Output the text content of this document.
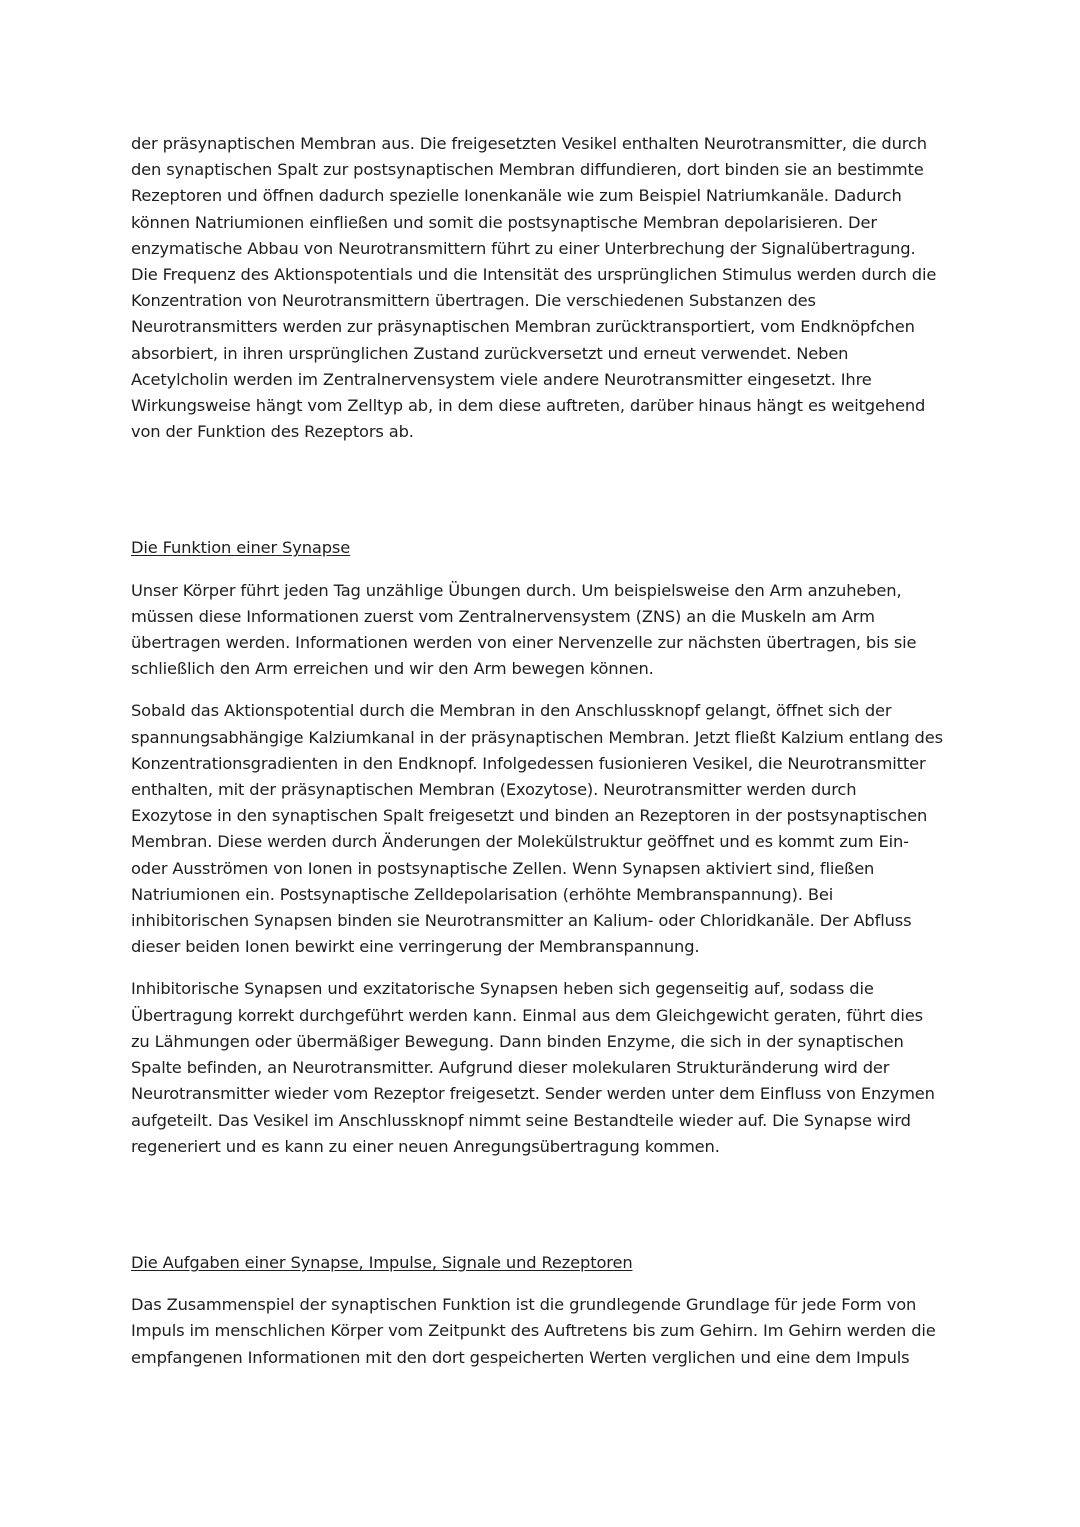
der präsynaptischen Membran aus. Die freigesetzten Vesikel enthalten Neurotransmitter, die durch
den synaptischen Spalt zur postsynaptischen Membran diffundieren, dort binden sie an bestimmte
Rezeptoren und öffnen dadurch spezielle Ionenkanäle wie zum Beispiel Natriumkanäle. Dadurch
können Natriumionen einfließen und somit die postsynaptische Membran depolarisieren. Der
enzymatische Abbau von Neurotransmittern führt zu einer Unterbrechung der Signalübertragung.
Die Frequenz des Aktionspotentials und die Intensität des ursprünglichen Stimulus werden durch die
Konzentration von Neurotransmittern übertragen. Die verschiedenen Substanzen des
Neurotransmitters werden zur präsynaptischen Membran zurücktransportiert, vom Endknöpfchen
absorbiert, in ihren ursprünglichen Zustand zurückversetzt und erneut verwendet. Neben
Acetylcholin werden im Zentralnervensystem viele andere Neurotransmitter eingesetzt. Ihre
Wirkungsweise hängt vom Zelltyp ab, in dem diese auftreten, darüber hinaus hängt es weitgehend
von der Funktion des Rezeptors ab.

Die Funktion einer Synapse

Unser Körper führt jeden Tag unzählige Übungen durch. Um beispielsweise den Arm anzuheben,
müssen diese Informationen zuerst vom Zentralnervensystem (ZNS) an die Muskeln am Arm
übertragen werden. Informationen werden von einer Nervenzelle zur nächsten übertragen, bis sie
schließlich den Arm erreichen und wir den Arm bewegen können.

Sobald das Aktionspotential durch die Membran in den Anschlussknopf gelangt, öffnet sich der
spannungsabhängige Kalziumkanal in der präsynaptischen Membran. Jetzt fließt Kalzium entlang des
Konzentrationsgradienten in den Endknopf. Infolgedessen fusionieren Vesikel, die Neurotransmitter
enthalten, mit der präsynaptischen Membran (Exozytose). Neurotransmitter werden durch
Exozytose in den synaptischen Spalt freigesetzt und binden an Rezeptoren in der postsynaptischen
Membran. Diese werden durch Änderungen der Molekülstruktur geöffnet und es kommt zum Ein-
oder Ausströmen von Ionen in postsynaptische Zellen. Wenn Synapsen aktiviert sind, fließen
Natriumionen ein. Postsynaptische Zelldepolarisation (erhöhte Membranspannung). Bei
inhibitorischen Synapsen binden sie Neurotransmitter an Kalium- oder Chloridkanäle. Der Abfluss
dieser beiden Ionen bewirkt eine verringerung der Membranspannung.

Inhibitorische Synapsen und exzitatorische Synapsen heben sich gegenseitig auf, sodass die
Übertragung korrekt durchgeführt werden kann. Einmal aus dem Gleichgewicht geraten, führt dies
zu Lähmungen oder übermäßiger Bewegung. Dann binden Enzyme, die sich in der synaptischen
Spalte befinden, an Neurotransmitter. Aufgrund dieser molekularen Strukturänderung wird der
Neurotransmitter wieder vom Rezeptor freigesetzt. Sender werden unter dem Einfluss von Enzymen
aufgeteilt. Das Vesikel im Anschlussknopf nimmt seine Bestandteile wieder auf. Die Synapse wird
regeneriert und es kann zu einer neuen Anregungsübertragung kommen.

Die Aufgaben einer Synapse, Impulse, Signale und Rezeptoren

Das Zusammenspiel der synaptischen Funktion ist die grundlegende Grundlage für jede Form von
Impuls im menschlichen Körper vom Zeitpunkt des Auftretens bis zum Gehirn. Im Gehirn werden die
empfangenen Informationen mit den dort gespeicherten Werten verglichen und eine dem Impuls
